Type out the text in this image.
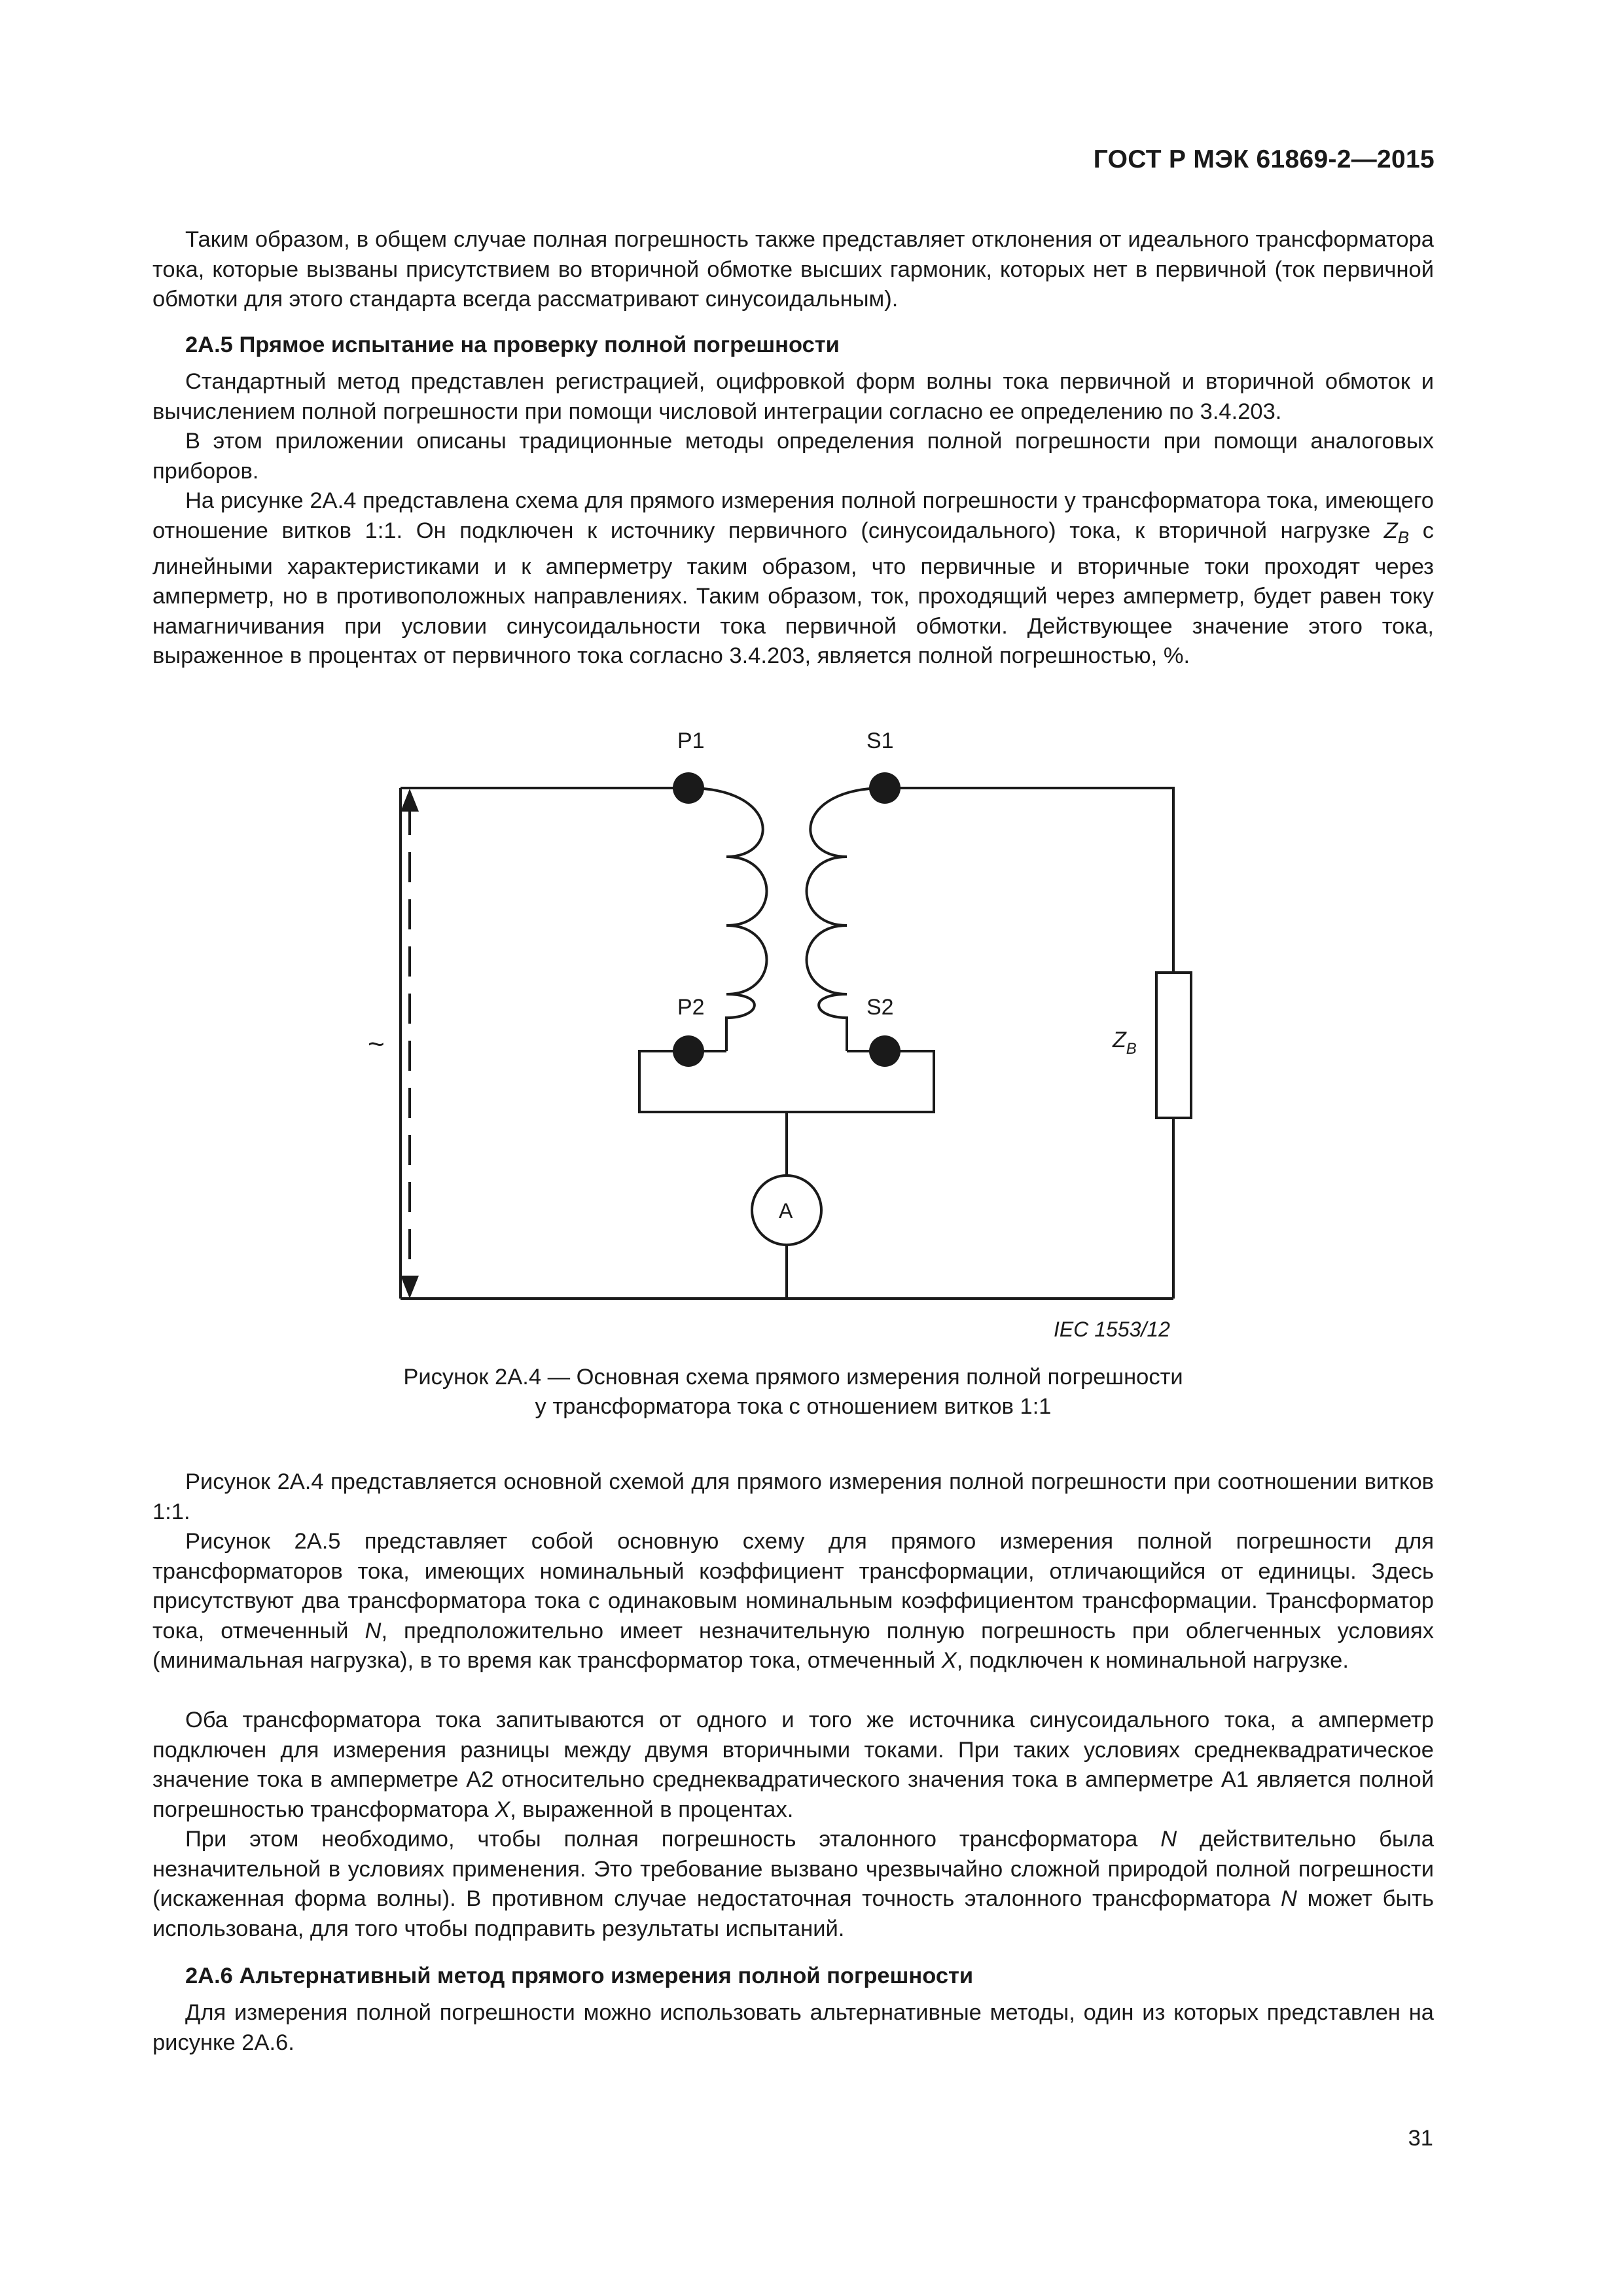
ГОСТ Р МЭК 61869-2—2015

Таким образом, в общем случае полная погрешность также представляет отклонения от идеального трансформатора тока, которые вызваны присутствием во вторичной обмотке высших гармоник, которых нет в первичной (ток первичной обмотки для этого стандарта всегда рассматривают синусоидальным).

2А.5 Прямое испытание на проверку полной погрешности

Стандартный метод представлен регистрацией, оцифровкой форм волны тока первичной и вторичной обмоток и вычислением полной погрешности при помощи числовой интеграции согласно ее определению по 3.4.203.

В этом приложении описаны традиционные методы определения полной погрешности при помощи аналоговых приборов.

На рисунке 2А.4 представлена схема для прямого измерения полной погрешности у трансформатора тока, имеющего отношение витков 1:1. Он подключен к источнику первичного (синусоидального) тока, к вторичной нагрузке $Z_B$ с линейными характеристиками и к амперметру таким образом, что первичные и вторичные токи проходят через амперметр, но в противоположных направлениях. Таким образом, ток, проходящий через амперметр, будет равен току намагничивания при условии синусоидальности тока первичной обмотки. Действующее значение этого тока, выраженное в процентах от первичного тока согласно 3.4.203, является полной погрешностью, %.

P1	S1
P2	S2
~	$Z_B$
A
IEC 1553/12

Рисунок 2А.4 — Основная схема прямого измерения полной погрешности

у трансформатора тока с отношением витков 1:1

Рисунок 2А.4 представляется основной схемой для прямого измерения полной погрешности при соотношении витков 1:1.

Рисунок 2А.5 представляет собой основную схему для прямого измерения полной погрешности для трансформаторов тока, имеющих номинальный коэффициент трансформации, отличающийся от единицы. Здесь присутствуют два трансформатора тока с одинаковым номинальным коэффициентом трансформации. Трансформатор тока, отмеченный N, предположительно имеет незначительную полную погрешность при облегченных условиях (минимальная нагрузка), в то время как трансформатор тока, отмеченный X, подключен к номинальной нагрузке.

Оба трансформатора тока запитываются от одного и того же источника синусоидального тока, а амперметр подключен для измерения разницы между двумя вторичными токами. При таких условиях среднеквадратическое значение тока в амперметре А2 относительно среднеквадратического значения тока в амперметре А1 является полной погрешностью трансформатора X, выраженной в процентах.

При этом необходимо, чтобы полная погрешность эталонного трансформатора N действительно была незначительной в условиях применения. Это требование вызвано чрезвычайно сложной природой полной погрешности (искаженная форма волны). В противном случае недостаточная точность эталонного трансформатора N может быть использована, для того чтобы подправить результаты испытаний.

2А.6 Альтернативный метод прямого измерения полной погрешности

Для измерения полной погрешности можно использовать альтернативные методы, один из которых представлен на рисунке 2А.6.

31
